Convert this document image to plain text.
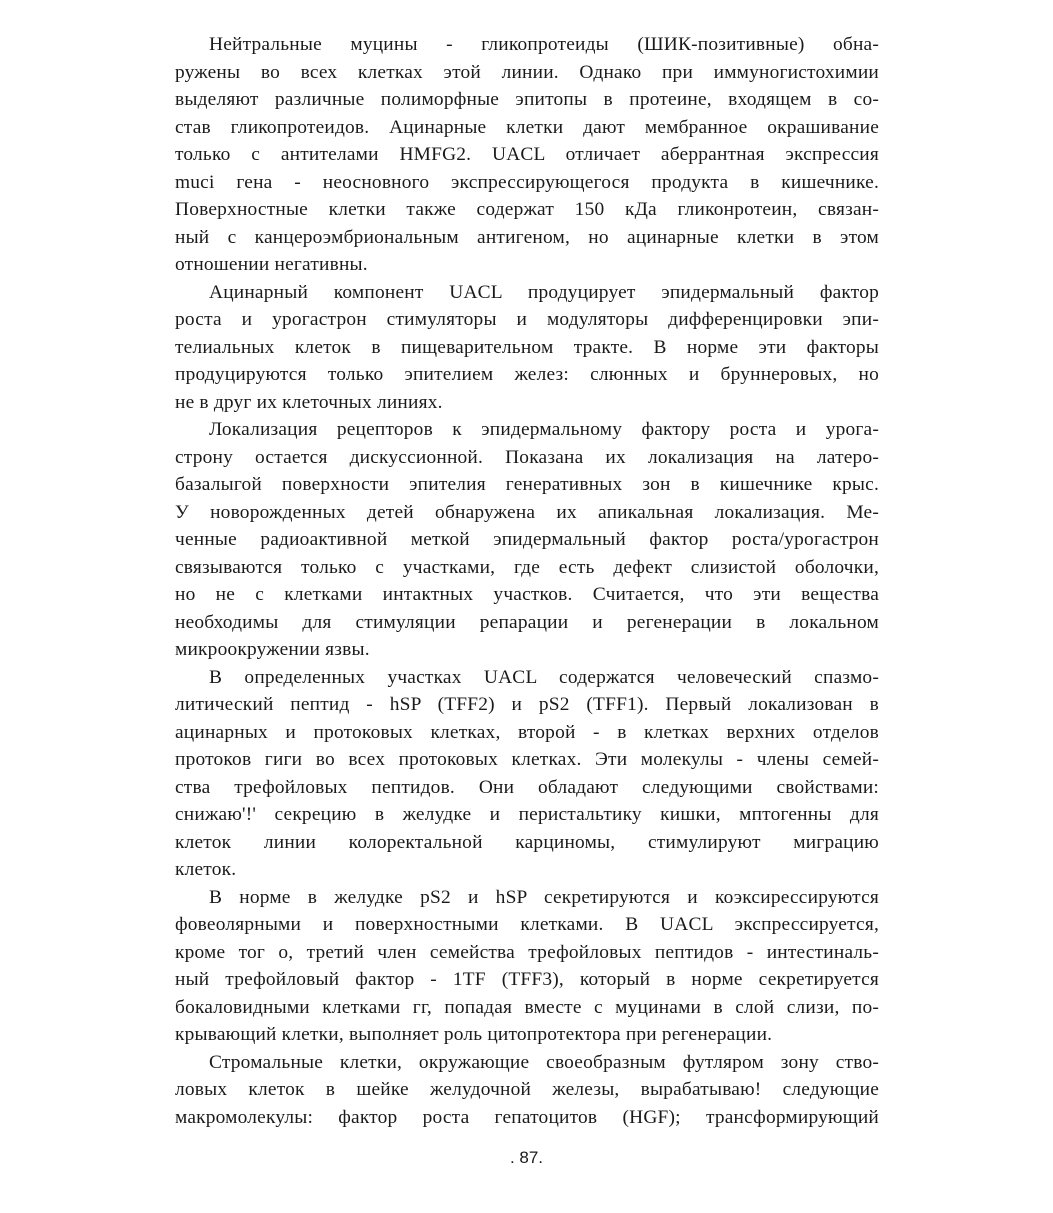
Нейтральные муцины - гликопротеиды (ШИК-позитивные) обна-
ружены во всех клетках этой линии. Однако при иммуногистохимии
выделяют различные полиморфные эпитопы в протеине, входящем в со-
став гликопротеидов. Ацинарные клетки дают мембранное окрашивание
только с антителами HMFG2. UACL отличает аберрантная экспрессия
muci гена - неосновного экспрессирующегося продукта в кишечнике.
Поверхностные клетки также содержат 150 кДа гликонротеин, связан-
ный с канцероэмбриональным антигеном, но ацинарные клетки в этом
отношении негативны.
Ацинарный компонент UACL продуцирует эпидермальный фактор
роста и урогастрон стимуляторы и модуляторы дифференцировки эпи-
телиальных клеток в пищеварительном тракте. В норме эти факторы
продуцируются только эпителием желез: слюнных и бруннеровых, но
не в друг их клеточных линиях.
Локализация рецепторов к эпидермальному фактору роста и урога-
строну остается дискуссионной. Показана их локализация на латеро-
базалыгой поверхности эпителия генеративных зон в кишечнике крыс.
У новорожденных детей обнаружена их апикальная локализация. Ме-
ченные радиоактивной меткой эпидермальный фактор роста/урогастрон
связываются только с участками, где есть дефект слизистой оболочки,
но не с клетками интактных участков. Считается, что эти вещества
необходимы для стимуляции репарации и регенерации в локальном
микроокружении язвы.
В определенных участках UACL содержатся человеческий спазмо-
литический пептид - hSP (TFF2) и pS2 (TFF1). Первый локализован в
ацинарных и протоковых клетках, второй - в клетках верхних отделов
протоков гиги во всех протоковых клетках. Эти молекулы - члены семей-
ства трефойловых пептидов. Они обладают следующими свойствами:
снижаю'!' секрецию в желудке и перистальтику кишки, мптогенны для
клеток линии колоректальной карциномы, стимулируют миграцию
клеток.
В норме в желудке pS2 и hSP секретируются и коэксиресcируются
фовеолярными и поверхностными клетками. В UACL экспрессируется,
кроме тог о, третий член семейства трефойловых пептидов - интестиналь-
ный трефойловый фактор - 1TF (TFF3), который в норме секретируется
бокаловидными клетками гг, попадая вместе с муцинами в слой слизи, по-
крывающий клетки, выполняет роль цитопротектора при регенерации.
Стромальные клетки, окружающие своеобразным футляром зону ство-
ловых клеток в шейке желудочной железы, вырабатываю! следующие
макромолекулы: фактор роста гепатоцитов (HGF); трансформирующий
. 87.
